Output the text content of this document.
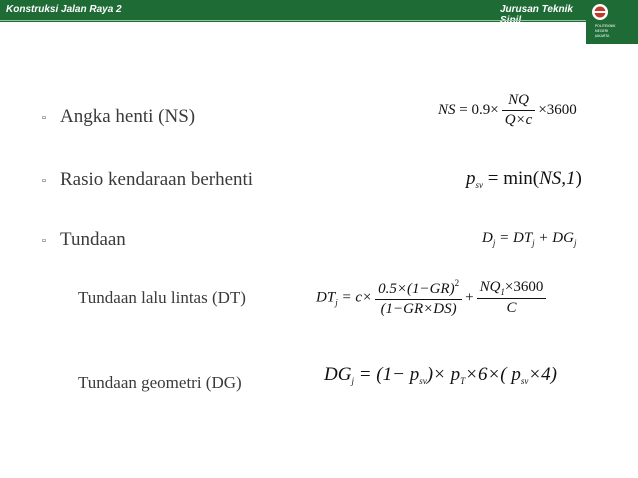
Konstruksi Jalan Raya 2	Jurusan Teknik
POLITEKNIK
NEGERI
JAKARTA
▫ Angka henti (NS)
▫ Rasio kendaraan berhenti
▫ Tundaan
Tundaan lalu lintas (DT)
Tundaan geometri (DG)
NS = $0.9\times \frac{NQ}{Q\times c} \times 3600$
$p_{sv} = \min(NS,1)$
$D_j = DT_j + DG_j$
$DT_j = c\times \frac{0.5\times(1-GR)^2}{(1-GR\times DS)} + \frac{NQ_1\times 3600}{C}$
$DG_j = (1- p_{sv})\times p_T\times 6\times$( $p_{sv}\times 4$)
